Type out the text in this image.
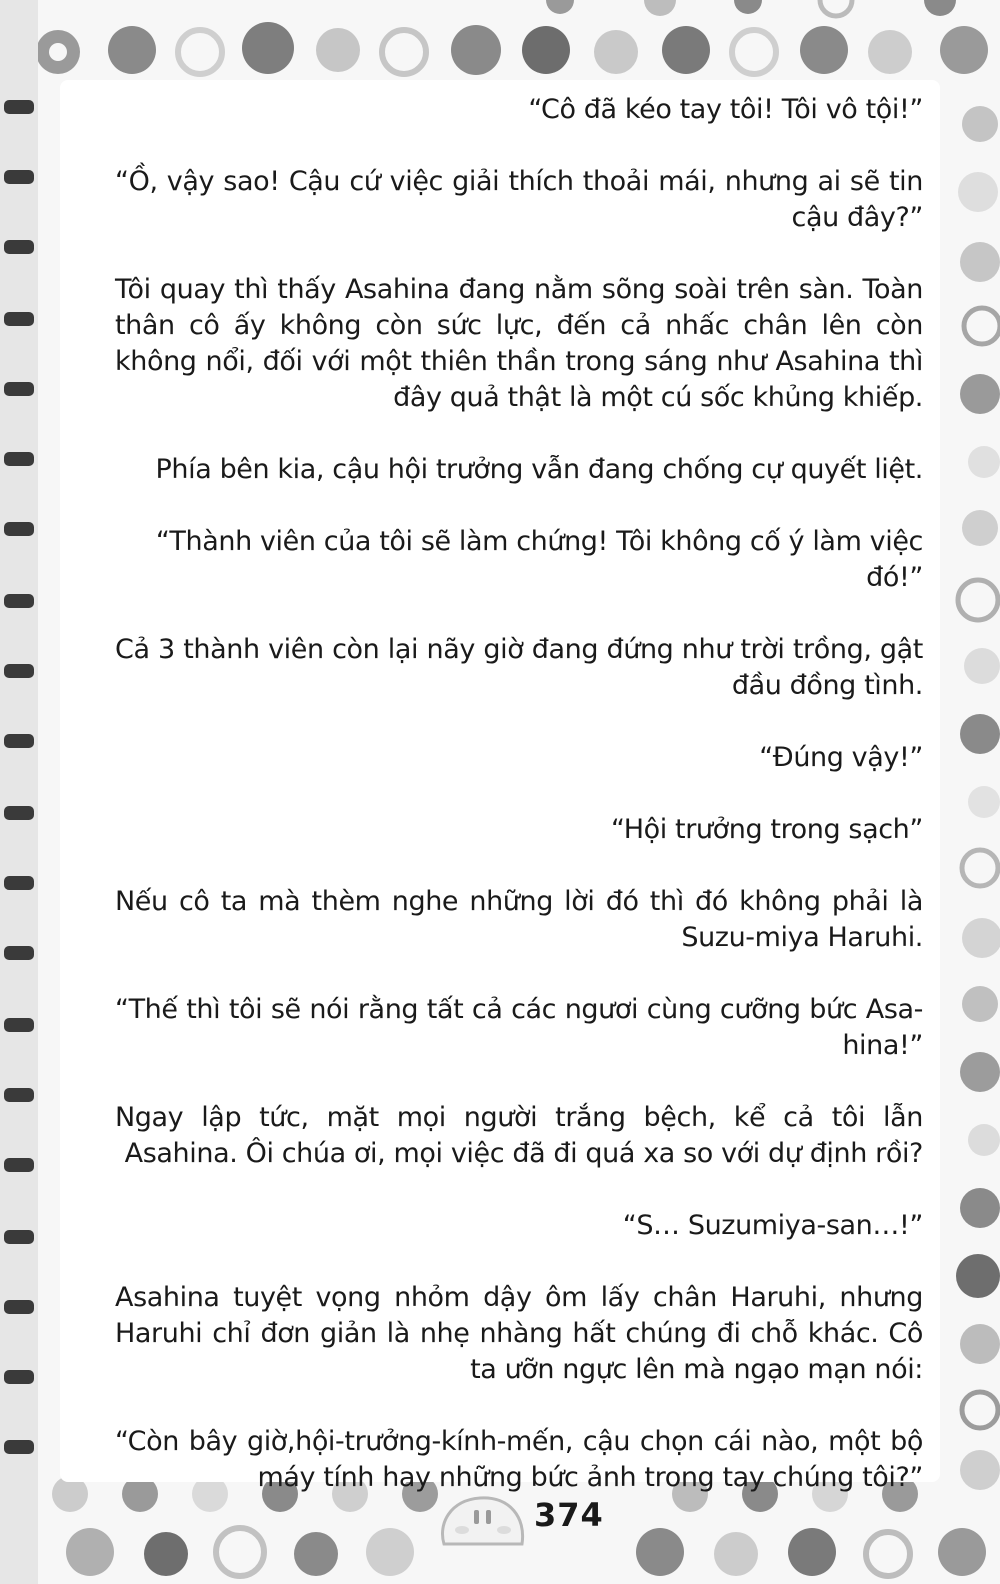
“Cô đã kéo tay tôi! Tôi vô tội!”

“Ồ, vậy sao! Cậu cứ việc giải thích thoải mái, nhưng ai sẽ tin cậu đây?”

Tôi quay thì thấy Asahina đang nằm sõng soài trên sàn. Toàn thân cô ấy không còn sức lực, đến cả nhấc chân lên còn không nổi, đối với một thiên thần trong sáng như Asahina thì đây quả thật là một cú sốc khủng khiếp.

Phía bên kia, cậu hội trưởng vẫn đang chống cự quyết liệt.

“Thành viên của tôi sẽ làm chứng! Tôi không cố ý làm việc đó!”

Cả 3 thành viên còn lại nãy giờ đang đứng như trời trồng, gật đầu đồng tình.

“Đúng vậy!”

“Hội trưởng trong sạch”

Nếu cô ta mà thèm nghe những lời đó thì đó không phải là Suzu-miya Haruhi.

“Thế thì tôi sẽ nói rằng tất cả các ngươi cùng cưỡng bức Asa-hina!”

Ngay lập tức, mặt mọi người trắng bệch, kể cả tôi lẫn Asahina. Ôi chúa ơi, mọi việc đã đi quá xa so với dự định rồi?

“S… Suzumiya-san…!”

Asahina tuyệt vọng nhỏm dậy ôm lấy chân Haruhi, nhưng Haruhi chỉ đơn giản là nhẹ nhàng hất chúng đi chỗ khác. Cô ta ưỡn ngực lên mà ngạo mạn nói:

“Còn bây giờ,hội-trưởng-kính-mến, cậu chọn cái nào, một bộ máy tính hay những bức ảnh trong tay chúng tôi?”

374
